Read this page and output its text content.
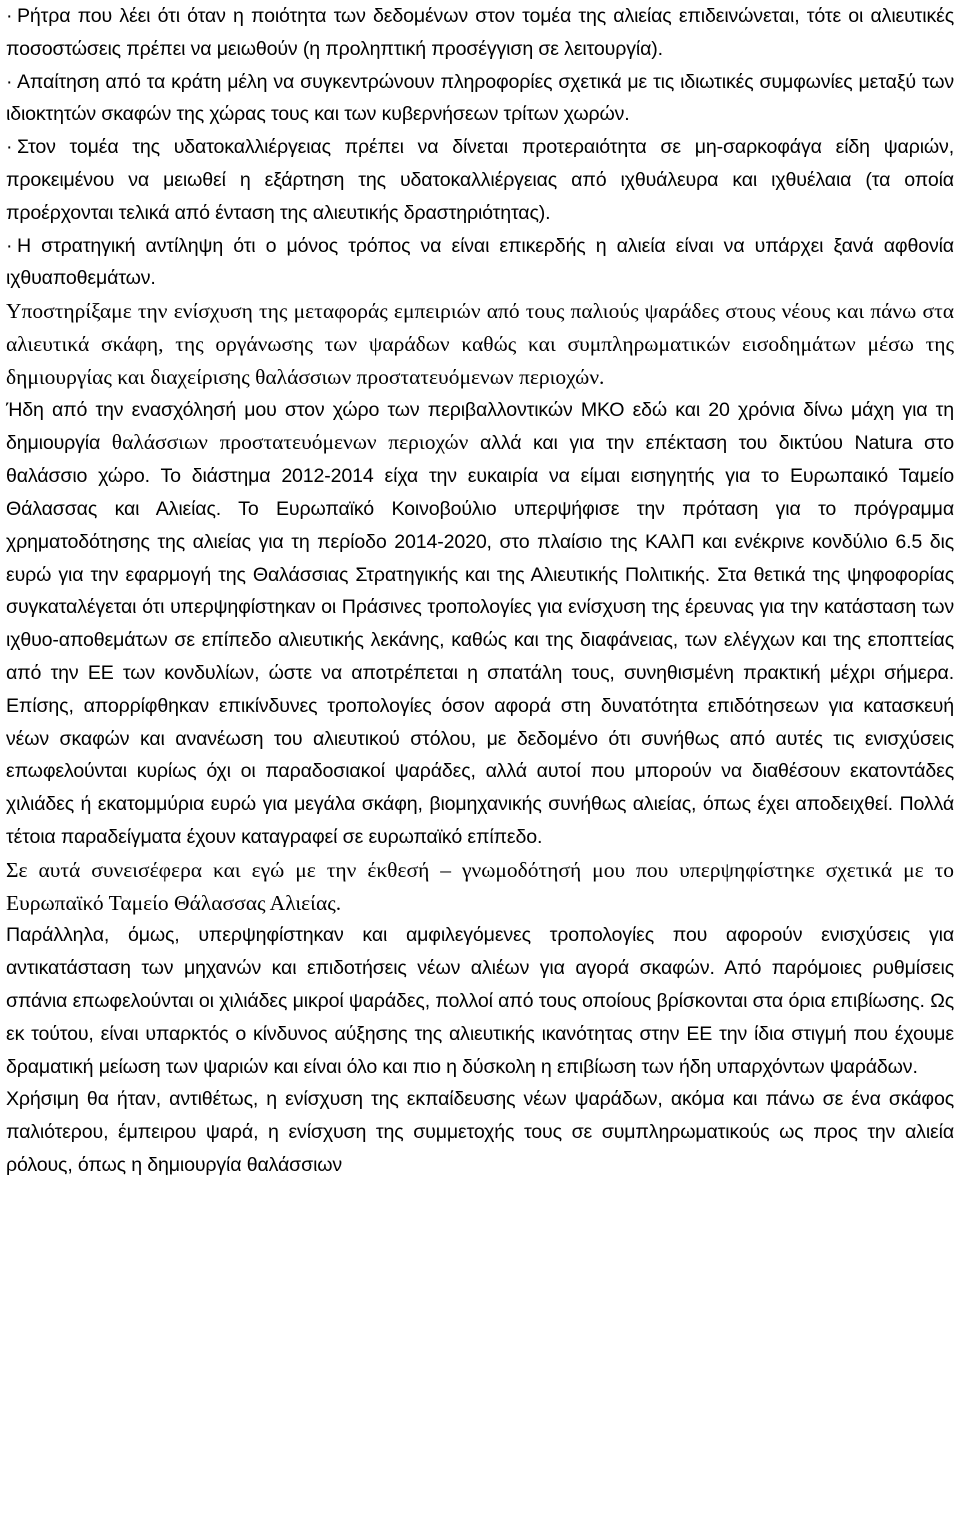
· Ρήτρα που λέει ότι όταν η ποιότητα των δεδομένων στον τομέα της αλιείας επιδεινώνεται, τότε οι αλιευτικές ποσοστώσεις πρέπει να μειωθούν (η προληπτική προσέγγιση σε λειτουργία).

· Απαίτηση από τα κράτη μέλη να συγκεντρώνουν πληροφορίες σχετικά με τις ιδιωτικές συμφωνίες μεταξύ των ιδιοκτητών σκαφών της χώρας τους και των κυβερνήσεων τρίτων χωρών.

· Στον τομέα της υδατοκαλλιέργειας πρέπει να δίνεται προτεραιότητα σε μη-σαρκοφάγα είδη ψαριών, προκειμένου να μειωθεί η εξάρτηση της υδατοκαλλιέργειας από ιχθυάλευρα και ιχθυέλαια (τα οποία προέρχονται τελικά από ένταση της αλιευτικής δραστηριότητας).

· Η στρατηγική αντίληψη ότι ο μόνος τρόπος να είναι επικερδής η αλιεία είναι να υπάρχει ξανά αφθονία ιχθυαποθεμάτων.

Υποστηρίξαμε την ενίσχυση της μεταφοράς εμπειριών από τους παλιούς ψαράδες στους νέους και πάνω στα αλιευτικά σκάφη, της οργάνωσης των ψαράδων καθώς και συμπληρωματικών εισοδημάτων μέσω της δημιουργίας και διαχείρισης θαλάσσιων προστατευόμενων περιοχών.

Ήδη από την ενασχόλησή μου στον χώρο των περιβαλλοντικών ΜΚΟ εδώ και 20 χρόνια δίνω μάχη για τη δημιουργία θαλάσσιων προστατευόμενων περιοχών αλλά και για την επέκταση του δικτύου Natura στο θαλάσσιο χώρο. Το διάστημα 2012-2014 είχα την ευκαιρία να είμαι εισηγητής για το Ευρωπαικό Ταμείο Θάλασσας και Αλιείας. Το Ευρωπαϊκό Κοινοβούλιο υπερψήφισε την πρόταση για το πρόγραμμα χρηματοδότησης της αλιείας για τη περίοδο 2014-2020, στο πλαίσιο της ΚΑλΠ και ενέκρινε κονδύλιο 6.5 δις ευρώ για την εφαρμογή της Θαλάσσιας Στρατηγικής και της Αλιευτικής Πολιτικής. Στα θετικά της ψηφοφορίας συγκαταλέγεται ότι υπερψηφίστηκαν οι Πράσινες τροπολογίες για ενίσχυση της έρευνας για την κατάσταση των ιχθυο-αποθεμάτων σε επίπεδο αλιευτικής λεκάνης, καθώς και της διαφάνειας, των ελέγχων και της εποπτείας από την ΕΕ των κονδυλίων, ώστε να αποτρέπεται η σπατάλη τους, συνηθισμένη πρακτική μέχρι σήμερα. Επίσης, απορρίφθηκαν επικίνδυνες τροπολογίες όσον αφορά στη δυνατότητα επιδότησεων για κατασκευή νέων σκαφών και ανανέωση του αλιευτικού στόλου, με δεδομένο ότι συνήθως από αυτές τις ενισχύσεις επωφελούνται κυρίως όχι οι παραδοσιακοί ψαράδες, αλλά αυτοί που μπορούν να διαθέσουν εκατοντάδες χιλιάδες ή εκατομμύρια ευρώ για μεγάλα σκάφη, βιομηχανικής συνήθως αλιείας, όπως έχει αποδειχθεί. Πολλά τέτοια παραδείγματα έχουν καταγραφεί σε ευρωπαϊκό επίπεδο.

Σε αυτά συνεισέφερα και εγώ με την έκθεσή – γνωμοδότησή μου που υπερψηφίστηκε σχετικά με το Ευρωπαϊκό Ταμείο Θάλασσας Αλιείας.

Παράλληλα, όμως, υπερψηφίστηκαν και αμφιλεγόμενες τροπολογίες που αφορούν ενισχύσεις για αντικατάσταση των μηχανών και επιδοτήσεις νέων αλιέων για αγορά σκαφών. Από παρόμοιες ρυθμίσεις σπάνια επωφελούνται οι χιλιάδες μικροί ψαράδες, πολλοί από τους οποίους βρίσκονται στα όρια επιβίωσης. Ως εκ τούτου, είναι υπαρκτός ο κίνδυνος αύξησης της αλιευτικής ικανότητας στην ΕΕ την ίδια στιγμή που έχουμε δραματική μείωση των ψαριών και είναι όλο και πιο η δύσκολη η επιβίωση των ήδη υπαρχόντων ψαράδων.

Χρήσιμη θα ήταν, αντιθέτως, η ενίσχυση της εκπαίδευσης νέων ψαράδων, ακόμα και πάνω σε ένα σκάφος παλιότερου, έμπειρου ψαρά, η ενίσχυση της συμμετοχής τους σε συμπληρωματικούς ως προς την αλιεία ρόλους, όπως η δημιουργία θαλάσσιων
